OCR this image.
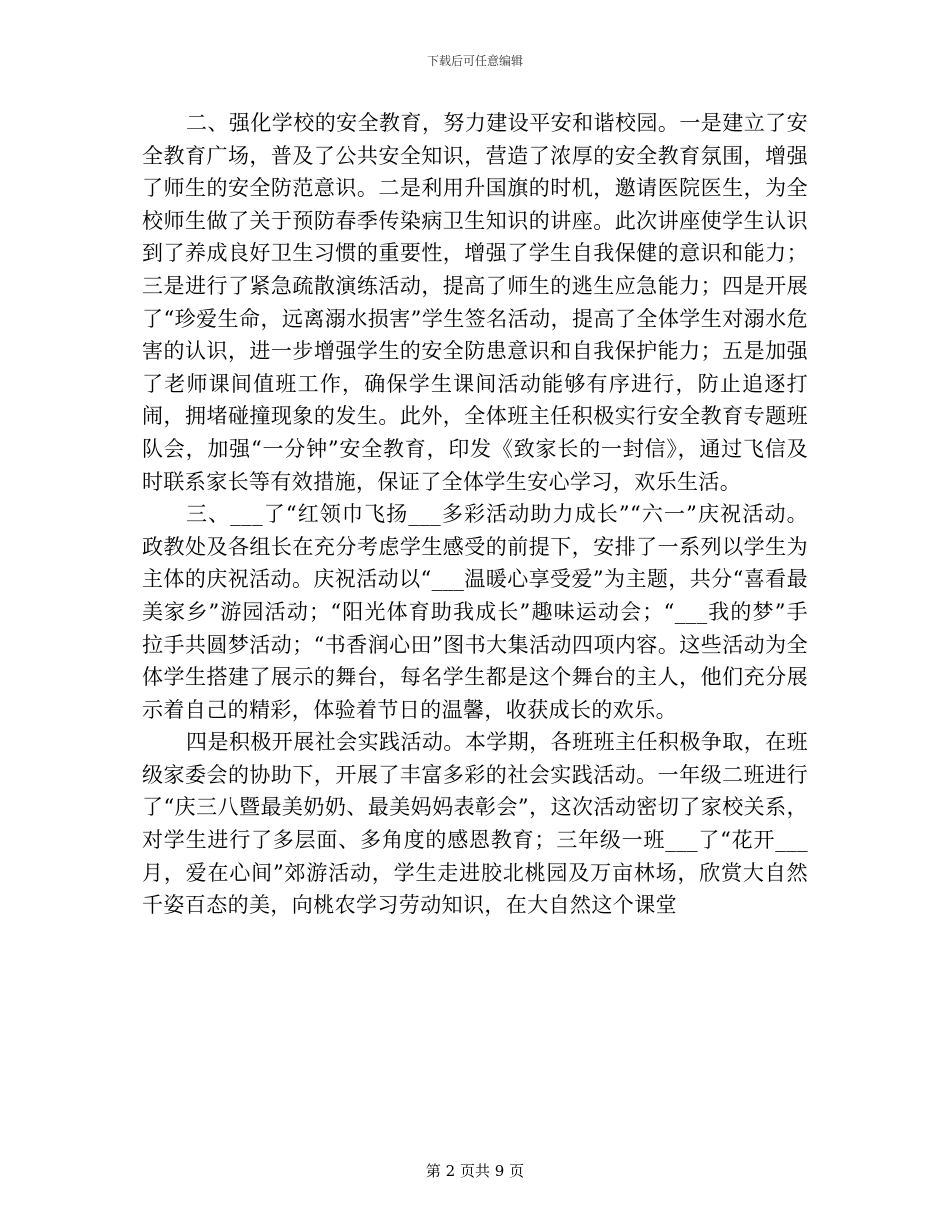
下载后可任意编辑

二、强化学校的安全教育，努力建设平安和谐校园。一是建立了安全教育广场，普及了公共安全知识，营造了浓厚的安全教育氛围，增强了师生的安全防范意识。二是利用升国旗的时机，邀请医院医生，为全校师生做了关于预防春季传染病卫生知识的讲座。此次讲座使学生认识到了养成良好卫生习惯的重要性，增强了学生自我保健的意识和能力；三是进行了紧急疏散演练活动，提高了师生的逃生应急能力；四是开展了“珍爱生命，远离溺水损害”学生签名活动，提高了全体学生对溺水危害的认识，进一步增强学生的安全防患意识和自我保护能力；五是加强了老师课间值班工作，确保学生课间活动能够有序进行，防止追逐打闹，拥堵碰撞现象的发生。此外，全体班主任积极实行安全教育专题班队会，加强“一分钟”安全教育，印发《致家长的一封信》，通过飞信及时联系家长等有效措施，保证了全体学生安心学习，欢乐生活。

三、___了“红领巾飞扬___多彩活动助力成长”“六一”庆祝活动。政教处及各组长在充分考虑学生感受的前提下，安排了一系列以学生为主体的庆祝活动。庆祝活动以“___温暖心享受爱”为主题，共分“喜看最美家乡”游园活动；“阳光体育助我成长”趣味运动会；“___我的梦”手拉手共圆梦活动；“书香润心田”图书大集活动四项内容。这些活动为全体学生搭建了展示的舞台，每名学生都是这个舞台的主人，他们充分展示着自己的精彩，体验着节日的温馨，收获成长的欢乐。

四是积极开展社会实践活动。本学期，各班班主任积极争取，在班级家委会的协助下，开展了丰富多彩的社会实践活动。一年级二班进行了“庆三八暨最美奶奶、最美妈妈表彰会”，这次活动密切了家校关系，对学生进行了多层面、多角度的感恩教育；三年级一班___了“花开___月，爱在心间”郊游活动，学生走进胶北桃园及万亩林场，欣赏大自然千姿百态的美，向桃农学习劳动知识，在大自然这个课堂

第 2 页共 9 页
